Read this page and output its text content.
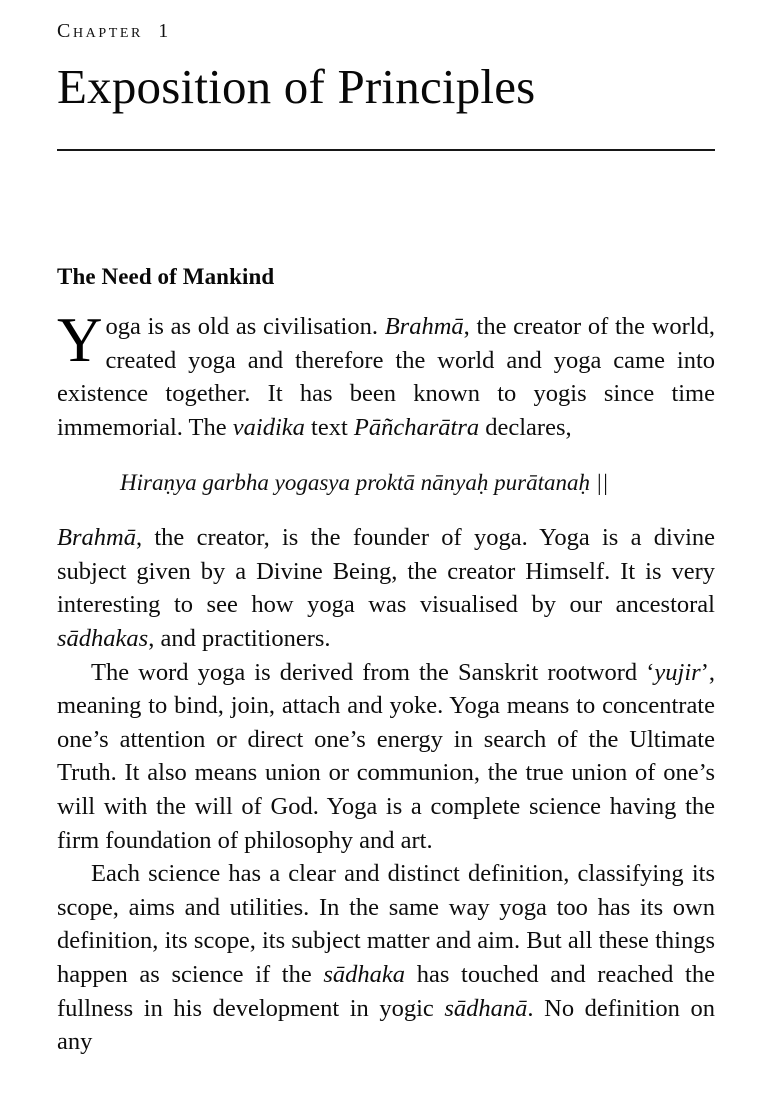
Chapter  1
Exposition of Principles
The Need of Mankind

Yoga is as old as civilisation. Brahmā, the creator of the world, created yoga and therefore the world and yoga came into existence together. It has been known to yogis since time immemorial. The vaidika text Pāñcharātra declares,

Hiraṇya garbha yogasya proktā nānyaḥ purātanaḥ ||

Brahmā, the creator, is the founder of yoga. Yoga is a divine subject given by a Divine Being, the creator Himself. It is very interesting to see how yoga was visualised by our ancestoral sādhakas, and practitioners.

The word yoga is derived from the Sanskrit rootword ‘yujir’, meaning to bind, join, attach and yoke. Yoga means to concentrate one’s attention or direct one’s energy in search of the Ultimate Truth. It also means union or communion, the true union of one’s will with the will of God. Yoga is a complete science having the firm foundation of philosophy and art.

Each science has a clear and distinct definition, classifying its scope, aims and utilities. In the same way yoga too has its own definition, its scope, its subject matter and aim. But all these things happen as science if the sādhaka has touched and reached the fullness in his development in yogic sādhanā. No definition on any
